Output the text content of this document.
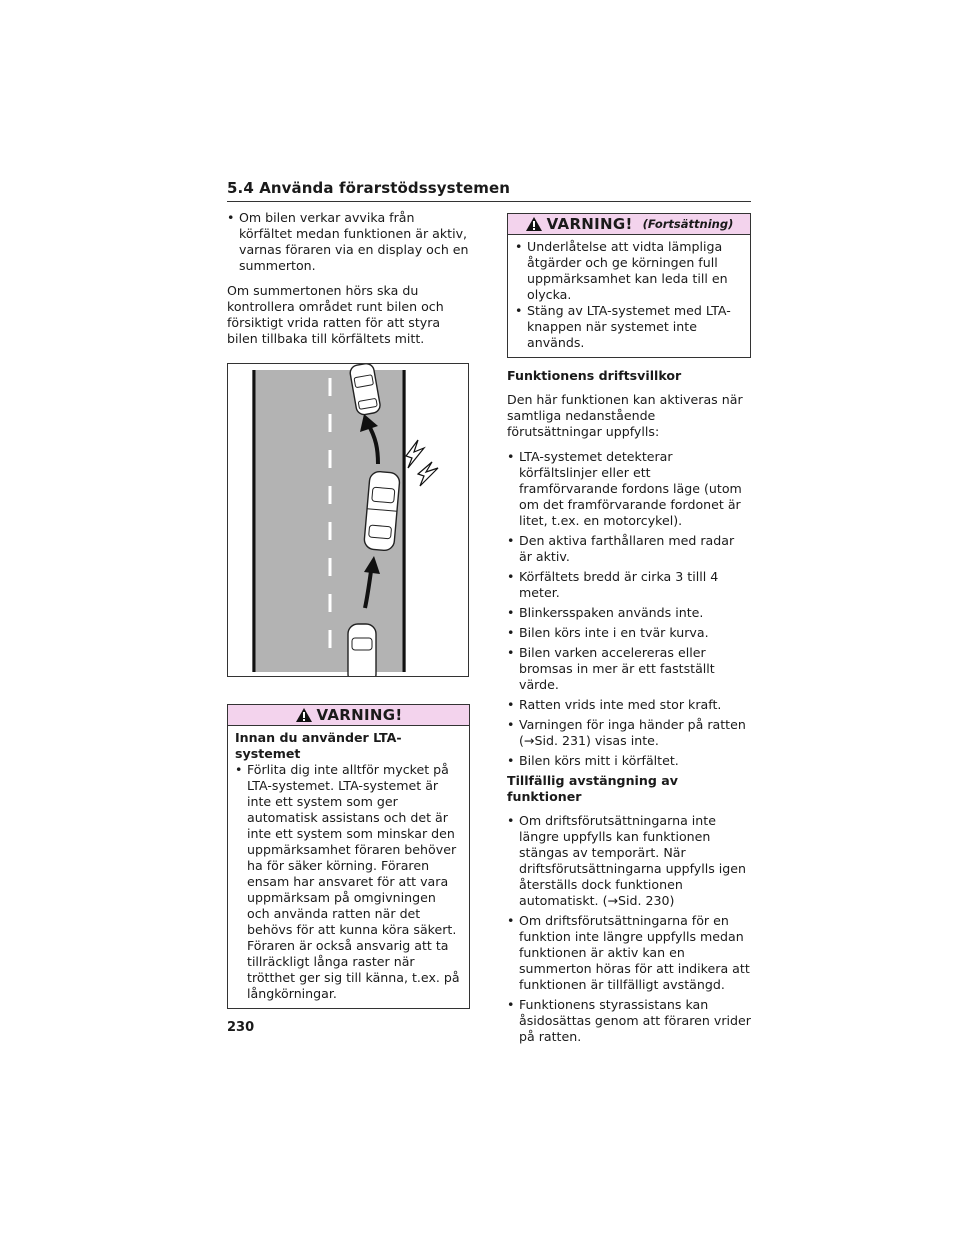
5.4 Använda förarstödssystemen
• Om bilen verkar avvika från körfältet medan funktionen är aktiv, varnas föraren via en display och en summerton.

Om summertonen hörs ska du kontrollera området runt bilen och försiktigt vrida ratten för att styra bilen tillbaka till körfältets mitt.

VARNING!
Innan du använder LTA-systemet
• Förlita dig inte alltför mycket på LTA-systemet. LTA-systemet är inte ett system som ger automatisk assistans och det är inte ett system som minskar den uppmärksamhet föraren behöver ha för säker körning. Föraren ensam har ansvaret för att vara uppmärksam på omgivningen och använda ratten när det behövs för att kunna köra säkert. Föraren är också ansvarig att ta tillräckligt långa raster när trötthet ger sig till känna, t.ex. på långkörningar.
VARNING! (Fortsättning)
• Underlåtelse att vidta lämpliga åtgärder och ge körningen full uppmärksamhet kan leda till en olycka.
• Stäng av LTA-systemet med LTA-knappen när systemet inte används.
Funktionens driftsvillkor

Den här funktionen kan aktiveras när samtliga nedanstående förutsättningar uppfylls:

• LTA-systemet detekterar körfältslinjer eller ett framförvarande fordons läge (utom om det framförvarande fordonet är litet, t.ex. en motorcykel).
• Den aktiva farthållaren med radar är aktiv.
• Körfältets bredd är cirka 3 tilll 4 meter.
• Blinkersspaken används inte.
• Bilen körs inte i en tvär kurva.
• Bilen varken accelereras eller bromsas in mer är ett fastställt värde.
• Ratten vrids inte med stor kraft.
• Varningen för inga händer på ratten (→Sid. 231) visas inte.
• Bilen körs mitt i körfältet.
Tillfällig avstängning av funktioner
• Om driftsförutsättningarna inte längre uppfylls kan funktionen stängas av temporärt. När driftsförutsättningarna uppfylls igen återställs dock funktionen automatiskt. (→Sid. 230)
• Om driftsförutsättningarna för en funktion inte längre uppfylls medan funktionen är aktiv kan en summerton höras för att indikera att funktionen är tillfälligt avstängd.
• Funktionens styrassistans kan åsidosättas genom att föraren vrider på ratten.
230
